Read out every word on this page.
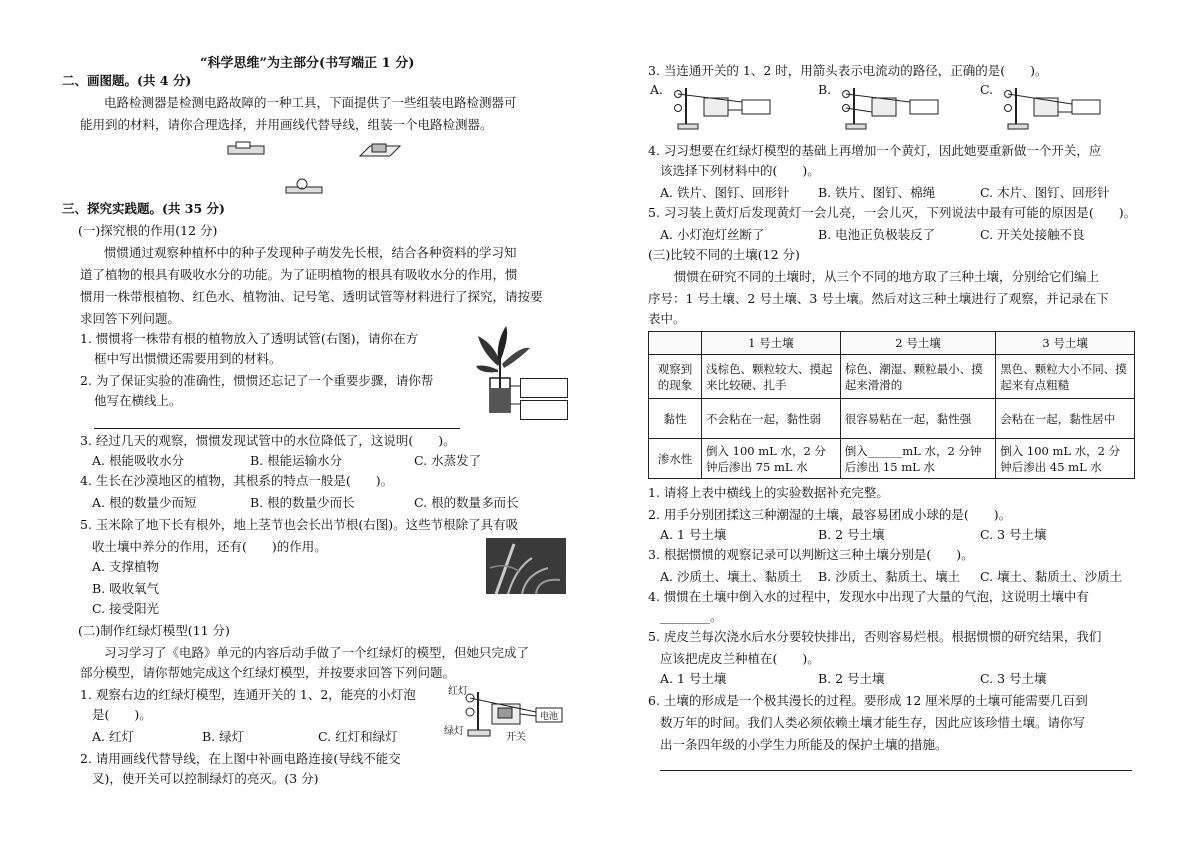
“科学思维”为主部分(书写端正 1 分)
二、画图题。(共 4 分)
电路检测器是检测电路故障的一种工具，下面提供了一些组装电路检测器可
能用到的材料，请你合理选择，并用画线代替导线，组装一个电路检测器。
三、探究实践题。(共 35 分)
(一)探究根的作用(12 分)
惯惯通过观察种植杯中的种子发现种子萌发先长根，结合各种资料的学习知
道了植物的根具有吸收水分的功能。为了证明植物的根具有吸收水分的作用，惯
惯用一株带根植物、红色水、植物油、记号笔、透明试管等材料进行了探究，请按要
求回答下列问题。
1. 惯惯将一株带有根的植物放入了透明试管(右图)，请你在方
框中写出惯惯还需要用到的材料。
2. 为了保证实验的准确性，惯惯还忘记了一个重要步骤，请你帮
他写在横线上。
3. 经过几天的观察，惯惯发现试管中的水位降低了，这说明(　　)。
A. 根能吸收水分	B. 根能运输水分	C. 水蒸发了
4. 生长在沙漠地区的植物，其根系的特点一般是(　　)。
A. 根的数量少而短	B. 根的数量少而长	C. 根的数量多而长
5. 玉米除了地下长有根外，地上茎节也会长出节根(右图)。这些节根除了具有吸
收土壤中养分的作用，还有(　　)的作用。
A. 支撑植物
B. 吸收氧气
C. 接受阳光
(二)制作红绿灯模型(11 分)
习习学习了《电路》单元的内容后动手做了一个红绿灯的模型，但她只完成了
部分模型，请你帮她完成这个红绿灯模型，并按要求回答下列问题。
1. 观察右边的红绿灯模型，连通开关的 1、2，能亮的小灯泡
是(　　)。
A. 红灯	B. 绿灯	C. 红灯和绿灯
2. 请用画线代替导线，在上图中补画电路连接(导线不能交
叉)，使开关可以控制绿灯的亮灭。(3 分)
红灯
绿灯
开关
电池
3. 当连通开关的 1、2 时，用箭头表示电流动的路径，正确的是(　　)。
A.	B.	C.
4. 习习想要在红绿灯模型的基础上再增加一个黄灯，因此她要重新做一个开关，应
该选择下列材料中的(　　)。
A. 铁片、图钉、回形针 B. 铁片、图钉、棉绳	C. 木片、图钉、回形针
5. 习习装上黄灯后发现黄灯一会儿亮，一会儿灭，下列说法中最有可能的原因是(　　)。
A. 小灯泡灯丝断了	B. 电池正负极装反了	C. 开关处接触不良
(三)比较不同的土壤(12 分)
惯惯在研究不同的土壤时，从三个不同的地方取了三种土壤，分别给它们编上
序号：1 号土壤、2 号土壤、3 号土壤。然后对这三种土壤进行了观察，并记录在下
表中。
	1 号土壤	2 号土壤	3 号土壤
观察到的现象	浅棕色、颗粒较大、摸起来比较硬、扎手	棕色、潮湿、颗粒最小、摸起来滑滑的	黑色、颗粒大小不同、摸起来有点粗糙
黏性	不会粘在一起，黏性弱	很容易粘在一起，黏性强	会粘在一起，黏性居中
渗水性	倒入 100 mL 水，2 分钟后渗出 75 mL 水	倒入______mL 水，2 分钟后渗出 15 mL 水	倒入 100 mL 水，2 分钟后渗出 45 mL 水
1. 请将上表中横线上的实验数据补充完整。
2. 用手分别团揉这三种潮湿的土壤，最容易团成小球的是(　　)。
A. 1 号土壤	B. 2 号土壤	C. 3 号土壤
3. 根据惯惯的观察记录可以判断这三种土壤分别是(　　)。
A. 沙质土、壤土、黏质土 B. 沙质土、黏质土、壤土 C. 壤土、黏质土、沙质土
4. 惯惯在土壤中倒入水的过程中，发现水中出现了大量的气泡，这说明土壤中有
________。
5. 虎皮兰每次浇水后水分要较快排出，否则容易烂根。根据惯惯的研究结果，我们
应该把虎皮兰种植在(　　)。
A. 1 号土壤	B. 2 号土壤	C. 3 号土壤
6. 土壤的形成是一个极其漫长的过程。要形成 12 厘米厚的土壤可能需要几百到
数万年的时间。我们人类必须依赖土壤才能生存，因此应该珍惜土壤。请你写
出一条四年级的小学生力所能及的保护土壤的措施。
